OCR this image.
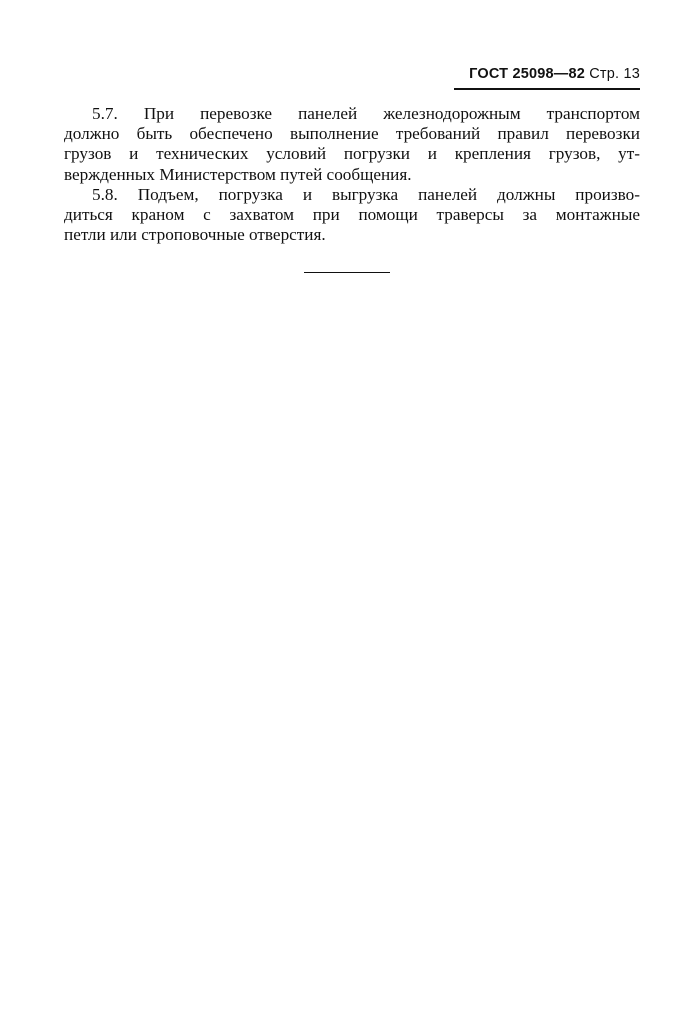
ГОСТ 25098—82 Стр. 13

5.7. При перевозке панелей железнодорожным транспортом
должно быть обеспечено выполнение требований правил перевозки
грузов и технических условий погрузки и крепления грузов, ут-
вержденных Министерством путей сообщения.

5.8. Подъем, погрузка и выгрузка панелей должны произво-
диться краном с захватом при помощи траверсы за монтажные
петли или строповочные отверстия.
